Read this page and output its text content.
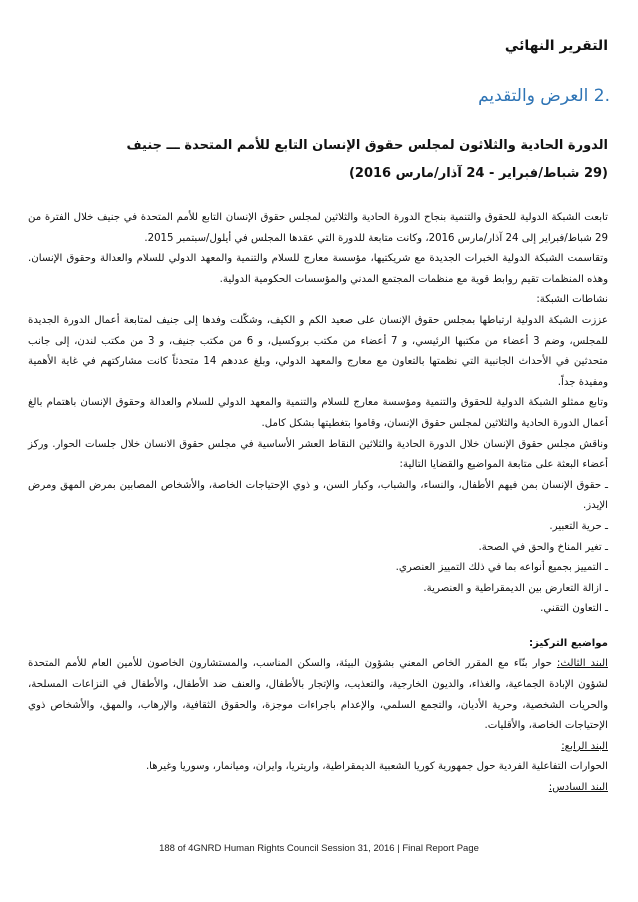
التقرير النهائي
.2 العرض والتقديم
الدورة الحادية والثلاثون لمجلس حقوق الإنسان التابع للأمم المتحدة ـــ جنيف
(29 شباط/فبراير - 24 آذار/مارس 2016)

تابعت الشبكة الدولية للحقوق والتنمية بنجاح الدورة الحادية والثلاثين لمجلس حقوق الإنسان التابع للأمم المتحدة في جنيف خلال الفترة من 29 شباط/فبراير إلى 24 آذار/مارس 2016، وكانت متابعة للدورة التي عقدها المجلس في أيلول/سبتمبر 2015.

وتقاسمت الشبكة الدولية الخبرات الجديدة مع شريكتيها، مؤسسة معارج للسلام والتنمية والمعهد الدولي للسلام والعدالة وحقوق الإنسان. وهذه المنظمات تقيم روابط قوية مع منظمات المجتمع المدني والمؤسسات الحكومية الدولية.

نشاطات الشبكة:

عززت الشبكة الدولية ارتباطها بمجلس حقوق الإنسان على صعيد الكم و الكيف، وشكّلت وفدها إلى جنيف لمتابعة أعمال الدورة الجديدة للمجلس، وضم 3 أعضاء من مكتبها الرئيسي، و 7 أعضاء من مكتب بروكسيل، و 6 من مكتب جنيف، و 3 من مكتب لندن، إلى جانب متحدثين في الأحداث الجانبية التي نظمتها بالتعاون مع معارج والمعهد الدولي، وبلغ عددهم 14 متحدثاً كانت مشاركتهم في غاية الأهمية ومفيدة جداً.

وتابع ممثلو الشبكة الدولية للحقوق والتنمية ومؤسسة معارج للسلام والتنمية والمعهد الدولي للسلام والعدالة وحقوق الإنسان باهتمام بالغ أعمال الدورة الحادية والثلاثين لمجلس حقوق الإنسان، وقاموا بتغطيتها بشكل كامل.

وناقش مجلس حقوق الإنسان خلال الدورة الحادية والثلاثين النقاط العشر الأساسية في مجلس حقوق الانسان خلال جلسات الحوار. وركز أعضاء البعثة على متابعة المواضيع والقضايا التالية:

ـ حقوق الإنسان بمن فيهم الأطفال، والنساء، والشباب، وكبار السن، و ذوي الإحتياجات الخاصة، والأشخاص المصابين بمرض المهق ومرض الإيدز.

ـ حرية التعبير.

ـ تغير المناخ والحق في الصحة.

ـ التمييز بجميع أنواعه بما في ذلك التمييز العنصري.

ـ ازالة التعارض بين الديمقراطية و العنصرية.

ـ التعاون التقني.

مواضيع التركيز:

البند الثالث: حوار بنّاء مع المقرر الخاص المعني بشؤون البيئة، والسكن المناسب، والمستشارون الخاصون للأمين العام للأمم المتحدة لشؤون الإبادة الجماعية، والغذاء، والديون الخارجية، والتعذيب، والإتجار بالأطفال، والعنف ضد الأطفال، والأطفال في النزاعات المسلحة، والحريات الشخصية، وحرية الأديان، والتجمع السلمي، والإعدام باجراءات موجزة، والحقوق الثقافية، والإرهاب، والمهق، والأشخاص ذوي الإحتياجات الخاصة، والأقليات.

البند الرابع:

الحوارات التفاعلية الفردية حول جمهورية كوريا الشعبية الديمقراطية، واريتريا، وايران، وميانمار، وسوريا وغيرها.

البند السادس:

188 of 4GNRD Human Rights Council Session 31, 2016 | Final Report Page
